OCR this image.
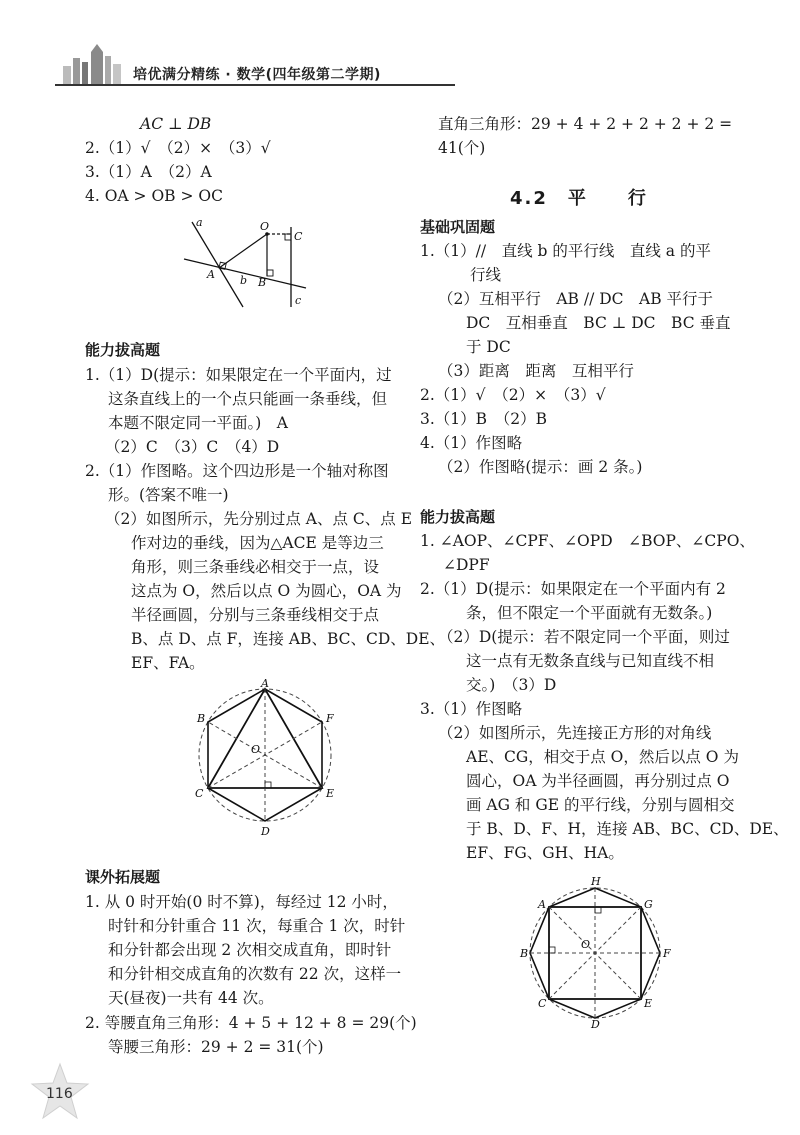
培优满分精练 · 数学(四年级第二学期)
AC ⊥ DB
2.（1）√　（2）×　（3）√
3.（1）A　（2）A
4. OA > OB > OC
a	O
C
A b B
c
能力拔高题
1.（1）D(提示：如果限定在一个平面内，过
这条直线上的一个点只能画一条垂线，但
本题不限定同一平面。)　A
（2）C　（3）C　（4）D
2.（1）作图略。这个四边形是一个轴对称图
形。(答案不唯一)
（2）如图所示，先分别过点 A、点 C、点 E
作对边的垂线，因为△ACE 是等边三
角形，则三条垂线必相交于一点，设
这点为 O，然后以点 O 为圆心，OA 为
半径画圆，分别与三条垂线相交于点
B、点 D、点 F，连接 AB、BC、CD、DE、
EF、FA。
A
B	F
O
C	E
D
课外拓展题
1. 从 0 时开始(0 时不算)，每经过 12 小时，
时针和分针重合 11 次，每重合 1 次，时针
和分针都会出现 2 次相交成直角，即时针
和分针相交成直角的次数有 22 次，这样一
天(昼夜)一共有 44 次。
2. 等腰直角三角形：4 + 5 + 12 + 8 = 29(个)
等腰三角形：29 + 2 = 31(个)
直角三角形：29 + 4 + 2 + 2 + 2 + 2 =
41(个)
4.2　平　　行
基础巩固题
1.（1）//　直线 b 的平行线　直线 a 的平
行线
（2）互相平行　AB // DC　AB 平行于
DC　互相垂直　BC ⊥ DC　BC 垂直
于 DC
（3）距离　距离　互相平行
2.（1）√　（2）×　（3）√
3.（1）B　（2）B
4.（1）作图略
（2）作图略(提示：画 2 条。)
能力拔高题
1. ∠AOP、∠CPF、∠OPD　∠BOP、∠CPO、
∠DPF
2.（1）D(提示：如果限定在一个平面内有 2
条，但不限定一个平面就有无数条。)
（2）D(提示：若不限定同一个平面，则过
这一点有无数条直线与已知直线不相
交。)　（3）D
3.（1）作图略
（2）如图所示，先连接正方形的对角线
AE、CG，相交于点 O，然后以点 O 为
圆心，OA 为半径画圆，再分别过点 O
画 AG 和 GE 的平行线，分别与圆相交
于 B、D、F、H，连接 AB、BC、CD、DE、
EF、FG、GH、HA。
H
A	G
O
B	F
C	E
D
116
